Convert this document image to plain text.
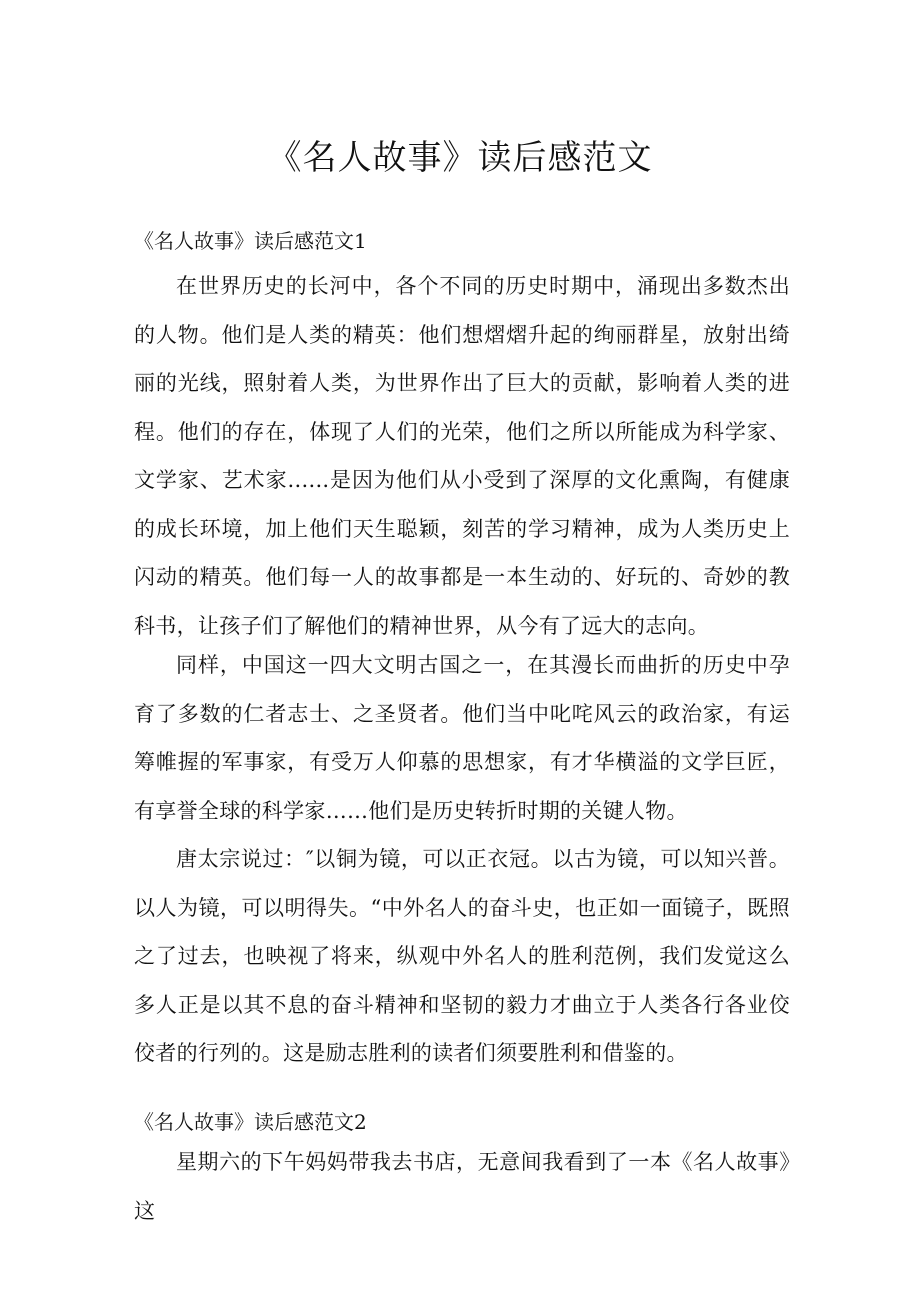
《名人故事》读后感范文
《名人故事》读后感范文1

在世界历史的长河中，各个不同的历史时期中，涌现出多数杰出的人物。他们是人类的精英：他们想熠熠升起的绚丽群星，放射出绮丽的光线，照射着人类，为世界作出了巨大的贡献，影响着人类的进程。他们的存在，体现了人们的光荣，他们之所以所能成为科学家、文学家、艺术家......是因为他们从小受到了深厚的文化熏陶，有健康的成长环境，加上他们天生聪颖，刻苦的学习精神，成为人类历史上闪动的精英。他们每一人的故事都是一本生动的、好玩的、奇妙的教科书，让孩子们了解他们的精神世界，从今有了远大的志向。

同样，中国这一四大文明古国之一，在其漫长而曲折的历史中孕育了多数的仁者志士、之圣贤者。他们当中叱咤风云的政治家，有运筹帷握的军事家，有受万人仰慕的思想家，有才华横溢的文学巨匠，有享誉全球的科学家……他们是历史转折时期的关键人物。

唐太宗说过：″以铜为镜，可以正衣冠。以古为镜，可以知兴普。以人为镜，可以明得失。“中外名人的奋斗史，也正如一面镜子，既照之了过去，也映视了将来，纵观中外名人的胜利范例，我们发觉这么多人正是以其不息的奋斗精神和坚韧的毅力才曲立于人类各行各业佼佼者的行列的。这是励志胜利的读者们须要胜利和借鉴的。

《名人故事》读后感范文2

星期六的下午妈妈带我去书店，无意间我看到了一本《名人故事》这
